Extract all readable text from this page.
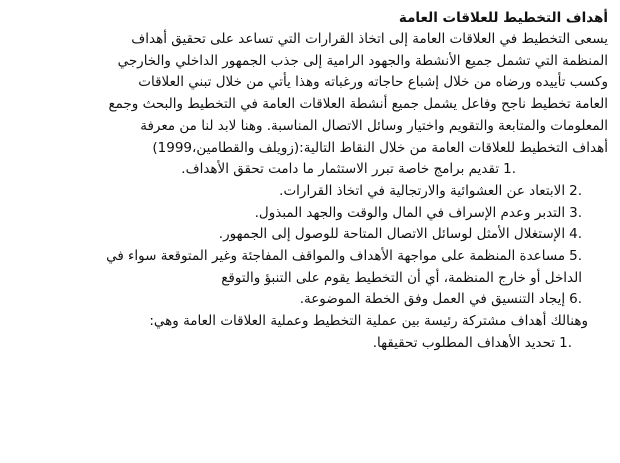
أهداف التخطيط للعلاقات العامة
يسعى التخطيط في العلاقات العامة إلى اتخاذ القرارات التي تساعد على تحقيق أهداف
المنظمة التي تشمل جميع الأنشطة والجهود الرامية إلى جذب الجمهور الداخلي والخارجي
وكسب تأييده ورضاه من خلال إشباع حاجاته ورغباته وهذا يأتي من خلال تبني العلاقات
العامة تخطيط ناجح وفاعل يشمل جميع أنشطة العلاقات العامة في التخطيط والبحث وجمع
المعلومات والمتابعة والتقويم واختيار وسائل الاتصال المناسبة. وهنا لابد لنا من معرفة
أهداف التخطيط للعلاقات العامة من خلال النقاط التالية:(زويلف والقطامين،1999)
1.
تقديم برامج خاصة تبرر الاستثمار ما دامت تحقق الأهداف.
2.
الابتعاد عن العشوائية والارتجالية في اتخاذ القرارات.
3.
التدبر وعدم الإسراف في المال والوقت والجهد المبذول.
4.
الإستغلال الأمثل لوسائل الاتصال المتاحة للوصول إلى الجمهور.
5.
مساعدة المنظمة على مواجهة الأهداف والمواقف المفاجئة وغير المتوقعة سواء في
الداخل أو خارج المنظمة، أي أن التخطيط يقوم على التنبؤ والتوقع
6.
إيجاد التنسيق في العمل وفق الخطة الموضوعة.
وهنالك أهداف مشتركة رئيسة بين عملية التخطيط وعملية العلاقات العامة وهي:
1.
تحديد الأهداف المطلوب تحقيقها.
